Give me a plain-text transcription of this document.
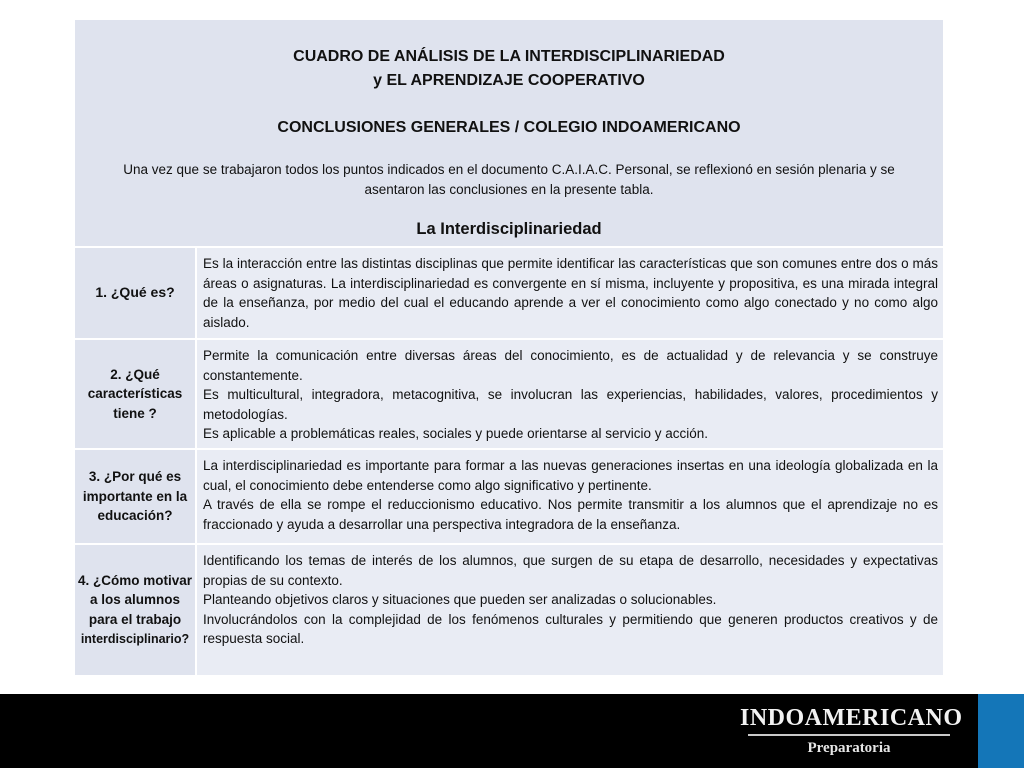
CUADRO DE ANÁLISIS DE LA INTERDISCIPLINARIEDAD

y EL APRENDIZAJE COOPERATIVO

CONCLUSIONES GENERALES / COLEGIO INDOAMERICANO

Una vez que se trabajaron todos los puntos indicados en el documento C.A.I.A.C. Personal, se reflexionó en sesión plenaria y se asentaron las conclusiones en la presente tabla.

La Interdisciplinariedad

1. ¿Qué es?

Es la interacción entre las distintas disciplinas que permite identificar las características que son comunes entre dos o más áreas o asignaturas. La interdisciplinariedad es convergente en sí misma, incluyente y propositiva, es una mirada integral de la enseñanza, por medio del cual el educando aprende a ver el conocimiento como algo conectado y no como algo aislado.

2. ¿Qué características tiene ?

Permite la comunicación entre diversas áreas del conocimiento, es de actualidad y de relevancia y se construye constantemente.

Es multicultural, integradora, metacognitiva, se involucran las experiencias, habilidades, valores, procedimientos y metodologías.

Es aplicable a problemáticas reales, sociales y puede orientarse al servicio y acción.

3. ¿Por qué es importante en la educación?

La interdisciplinariedad es importante para formar a las nuevas generaciones insertas en una ideología globalizada en la cual, el conocimiento debe entenderse como algo significativo y pertinente.

A través de ella se rompe el reduccionismo educativo. Nos permite transmitir a los alumnos que el aprendizaje no es fraccionado y ayuda a desarrollar una perspectiva integradora de la enseñanza.

4. ¿Cómo motivar a los alumnos para el trabajo
interdisciplinario?

Identificando los temas de interés de los alumnos, que surgen de su etapa de desarrollo, necesidades y expectativas propias de su contexto.

Planteando objetivos claros y situaciones que pueden ser analizadas o solucionables.

Involucrándolos con la complejidad de los fenómenos culturales y permitiendo que generen productos creativos y de respuesta social.

INDOAMERICANO
Preparatoria
